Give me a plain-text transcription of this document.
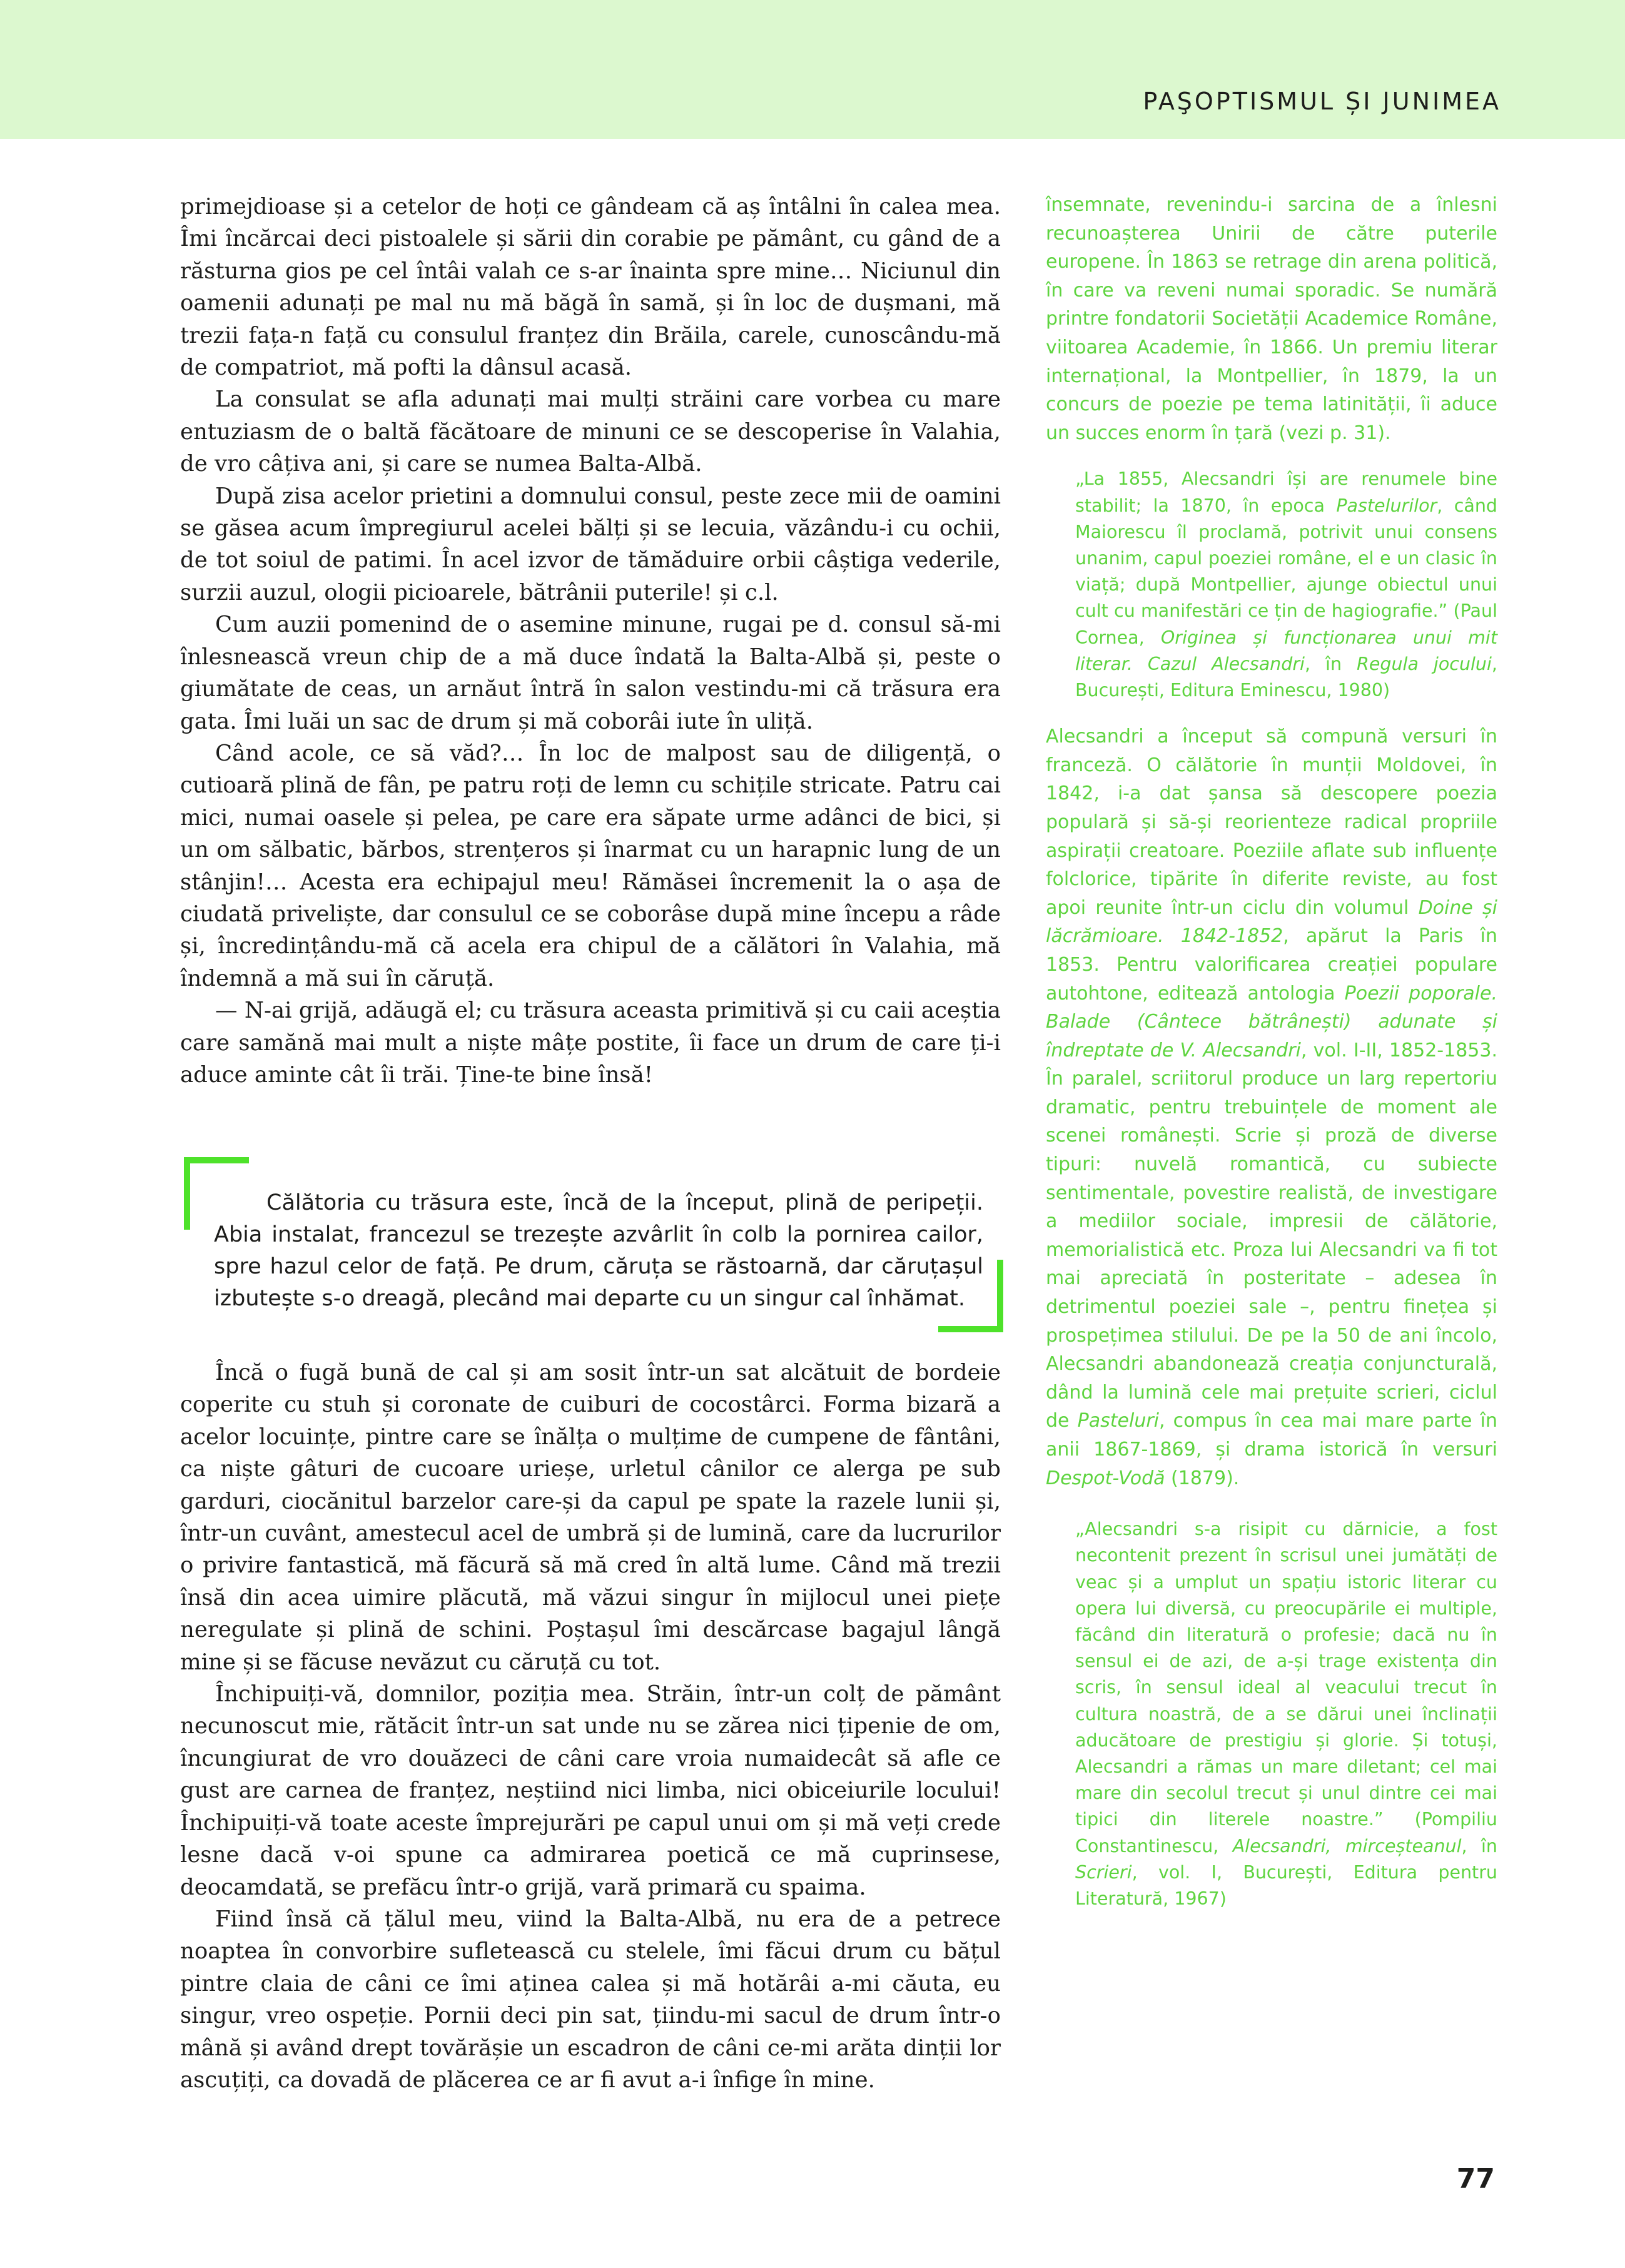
PAŞOPTISMUL ȘI JUNIMEA

primejdioase și a cetelor de hoți ce gândeam că aș întâlni în calea mea. Îmi încărcai deci pistoalele și sării din corabie pe pământ, cu gând de a răsturna gios pe cel întâi valah ce s-ar înainta spre mine… Niciunul din oamenii adunați pe mal nu mă băgă în samă, și în loc de dușmani, mă trezii fața-n față cu consulul franțez din Brăila, carele, cunoscându-mă de compatriot, mă pofti la dânsul acasă.

La consulat se afla adunați mai mulți străini care vorbea cu mare entuziasm de o baltă făcătoare de minuni ce se descoperise în Valahia, de vro câțiva ani, și care se numea Balta-Albă.

După zisa acelor prietini a domnului consul, peste zece mii de oamini se găsea acum împregiurul acelei bălți și se lecuia, văzându-i cu ochii, de tot soiul de patimi. În acel izvor de tămăduire orbii câștiga vederile, surzii auzul, ologii picioarele, bătrânii puterile! și c.l.

Cum auzii pomenind de o asemine minune, rugai pe d. consul să-mi înlesnească vreun chip de a mă duce îndată la Balta-Albă și, peste o giumătate de ceas, un arnăut întră în salon vestindu-mi că trăsura era gata. Îmi luăi un sac de drum și mă coborâi iute în uliță.

Când acole, ce să văd?… În loc de malpost sau de diligență, o cutioară plină de fân, pe patru roți de lemn cu schițile stricate. Patru cai mici, numai oasele și pelea, pe care era săpate urme adânci de bici, și un om sălbatic, bărbos, strențeros și înarmat cu un harapnic lung de un stânjin!… Acesta era echipajul meu! Rămăsei încremenit la o așa de ciudată priveliște, dar consulul ce se coborâse după mine începu a râde și, încredințându-mă că acela era chipul de a călători în Valahia, mă îndemnă a mă sui în căruță.

— N-ai grijă, adăugă el; cu trăsura aceasta primitivă și cu caii aceștia care samănă mai mult a niște mâțe postite, îi face un drum de care ți-i aduce aminte cât îi trăi. Ține-te bine însă!

Călătoria cu trăsura este, încă de la început, plină de peripeții. Abia instalat, francezul se trezește azvârlit în colb la pornirea cailor, spre hazul celor de față. Pe drum, căruța se răstoarnă, dar căruțașul izbutește s-o dreagă, plecând mai departe cu un singur cal înhămat.

Încă o fugă bună de cal și am sosit într-un sat alcătuit de bordeie coperite cu stuh și coronate de cuiburi de cocostârci. Forma bizară a acelor locuințe, pintre care se înălța o mulțime de cumpene de fântâni, ca niște gâturi de cucoare urieșe, urletul cânilor ce alerga pe sub garduri, ciocănitul barzelor care-și da capul pe spate la razele lunii și, într-un cuvânt, amestecul acel de umbră și de lumină, care da lucrurilor o privire fantastică, mă făcură să mă cred în altă lume. Când mă trezii însă din acea uimire plăcută, mă văzui singur în mijlocul unei piețe neregulate și plină de schini. Poștașul îmi descărcase bagajul lângă mine și se făcuse nevăzut cu căruță cu tot.

Închipuiți-vă, domnilor, poziția mea. Străin, într-un colț de pământ necunoscut mie, rătăcit într-un sat unde nu se zărea nici țipenie de om, încungiurat de vro douăzeci de câni care vroia numaidecât să afle ce gust are carnea de franțez, neștiind nici limba, nici obiceiurile locului! Închipuiți-vă toate aceste împrejurări pe capul unui om și mă veți crede lesne dacă v-oi spune ca admirarea poetică ce mă cuprinsese, deocamdată, se prefăcu într-o grijă, vară primară cu spaima.

Fiind însă că țălul meu, viind la Balta-Albă, nu era de a petrece noaptea în convorbire sufletească cu stelele, îmi făcui drum cu bățul pintre claia de câni ce îmi aținea calea și mă hotărâi a-mi căuta, eu singur, vreo ospeție. Pornii deci pin sat, țiindu-mi sacul de drum într-o mână și având drept tovărășie un escadron de câni ce-mi arăta dinții lor ascuțiți, ca dovadă de plăcerea ce ar fi avut a-i înfige în mine.

însemnate, revenindu-i sarcina de a înlesni recunoașterea Unirii de către puterile europene. În 1863 se retrage din arena politică, în care va reveni numai sporadic. Se numără printre fondatorii Societății Academice Române, viitoarea Academie, în 1866. Un premiu literar internațional, la Montpellier, în 1879, la un concurs de poezie pe tema latinității, îi aduce un succes enorm în țară (vezi p. 31).

„La 1855, Alecsandri își are renumele bine stabilit; la 1870, în epoca Pastelurilor, când Maiorescu îl proclamă, potrivit unui consens unanim, capul poeziei române, el e un clasic în viață; după Montpellier, ajunge obiectul unui cult cu manifestări ce țin de hagiografie.” (Paul Cornea, Originea și funcționarea unui mit literar. Cazul Alecsandri, în Regula jocului, București, Editura Eminescu, 1980)

Alecsandri a început să compună versuri în franceză. O călătorie în munții Moldovei, în 1842, i-a dat șansa să descopere poezia populară și să-și reorienteze radical propriile aspirații creatoare. Poeziile aflate sub influențe folclorice, tipărite în diferite reviste, au fost apoi reunite într-un ciclu din volumul Doine și lăcrămioare. 1842-1852, apărut la Paris în 1853. Pentru valorificarea creației populare autohtone, editează antologia Poezii poporale. Balade (Cântece bătrânești) adunate și îndreptate de V. Alecsandri, vol. I-II, 1852-1853. În paralel, scriitorul produce un larg repertoriu dramatic, pentru trebuințele de moment ale scenei românești. Scrie și proză de diverse tipuri: nuvelă romantică, cu subiecte sentimentale, povestire realistă, de investigare a mediilor sociale, impresii de călătorie, memorialistică etc. Proza lui Alecsandri va fi tot mai apreciată în posteritate – adesea în detrimentul poeziei sale –, pentru finețea și prospețimea stilului. De pe la 50 de ani încolo, Alecsandri abandonează creația conjuncturală, dând la lumină cele mai prețuite scrieri, ciclul de Pasteluri, compus în cea mai mare parte în anii 1867-1869, și drama istorică în versuri Despot-Vodă (1879).

„Alecsandri s-a risipit cu dărnicie, a fost necontenit prezent în scrisul unei jumătăți de veac și a umplut un spațiu istoric literar cu opera lui diversă, cu preocupările ei multiple, făcând din literatură o profesie; dacă nu în sensul ei de azi, de a-și trage existența din scris, în sensul ideal al veacului trecut în cultura noastră, de a se dărui unei înclinații aducătoare de prestigiu și glorie. Și totuși, Alecsandri a rămas un mare diletant; cel mai mare din secolul trecut și unul dintre cei mai tipici din literele noastre.” (Pompiliu Constantinescu, Alecsandri, mirceșteanul, în Scrieri, vol. I, București, Editura pentru Literatură, 1967)
77
